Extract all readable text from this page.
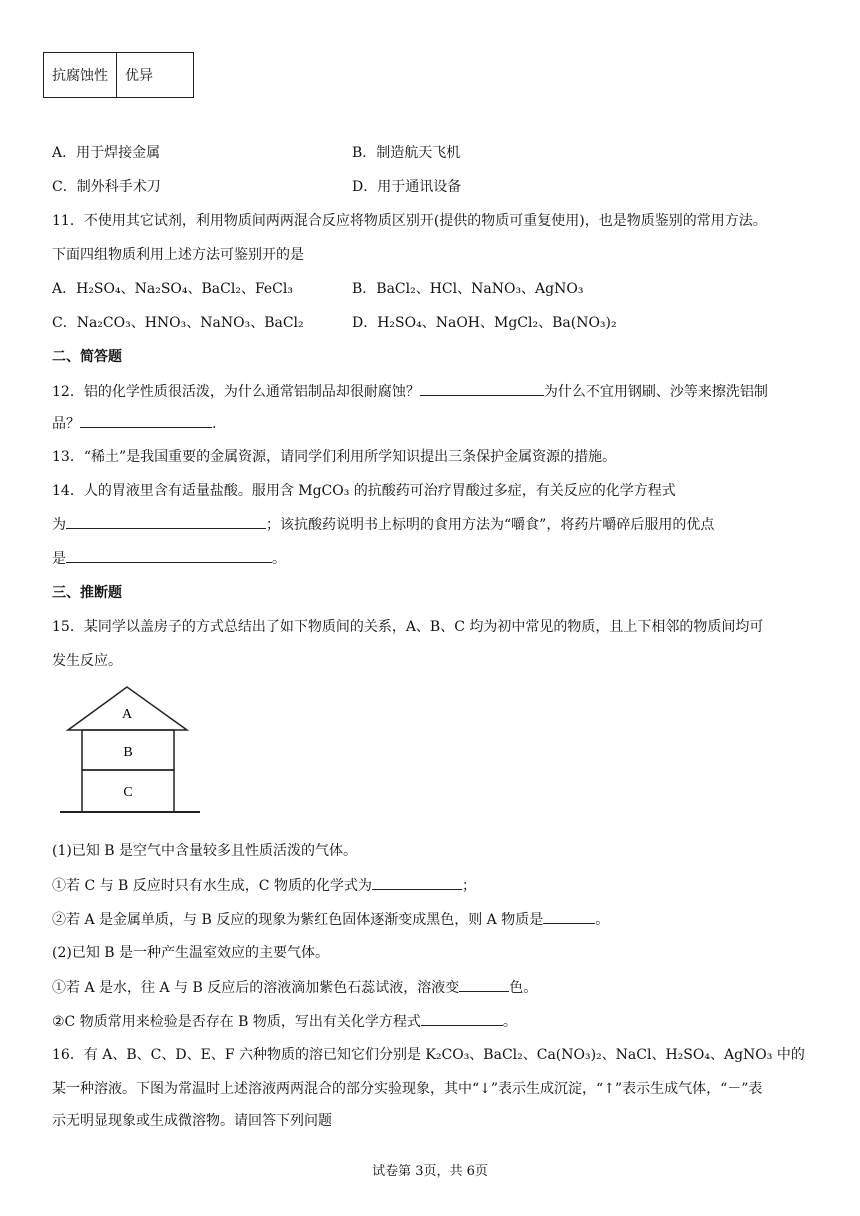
抗腐蚀性	优异
A．用于焊接金属	B．制造航天飞机
C．制外科手术刀	D．用于通讯设备
11．不使用其它试剂，利用物质间两两混合反应将物质区别开(提供的物质可重复使用)，也是物质鉴别的常用方法。
下面四组物质利用上述方法可鉴别开的是
A．H₂SO₄、Na₂SO₄、BaCl₂、FeCl₃	B．BaCl₂、HCl、NaNO₃、AgNO₃
C．Na₂CO₃、HNO₃、NaNO₃、BaCl₂	D．H₂SO₄、NaOH、MgCl₂、Ba(NO₃)₂
二、简答题
12．铝的化学性质很活泼，为什么通常铝制品却很耐腐蚀？	为什么不宜用钢刷、沙等来擦洗铝制
品？	.
13．“稀土”是我国重要的金属资源，请同学们利用所学知识提出三条保护金属资源的措施。
14．人的胃液里含有适量盐酸。服用含 MgCO₃ 的抗酸药可治疗胃酸过多症，有关反应的化学方程式
为	；该抗酸药说明书上标明的食用方法为“嚼食”，将药片嚼碎后服用的优点
是	。
三、推断题
15．某同学以盖房子的方式总结出了如下物质间的关系，A、B、C 均为初中常见的物质，且上下相邻的物质间均可
发生反应。
A
B
C
(1)已知 B 是空气中含量较多且性质活泼的气体。
①若 C 与 B 反应时只有水生成，C 物质的化学式为	；
②若 A 是金属单质，与 B 反应的现象为紫红色固体逐渐变成黑色，则 A 物质是	。
(2)已知 B 是一种产生温室效应的主要气体。
①若 A 是水，往 A 与 B 反应后的溶液滴加紫色石蕊试液，溶液变	色。
②C 物质常用来检验是否存在 B 物质，写出有关化学方程式	。
16．有 A、B、C、D、E、F 六种物质的溶已知它们分别是 K₂CO₃、BaCl₂、Ca(NO₃)₂、NaCl、H₂SO₄、AgNO₃ 中的
某一种溶液。下图为常温时上述溶液两两混合的部分实验现象，其中“↓”表示生成沉淀，“↑”表示生成气体，“－”表
示无明显现象或生成微溶物。请回答下列问题
试卷第 3页，共 6页
